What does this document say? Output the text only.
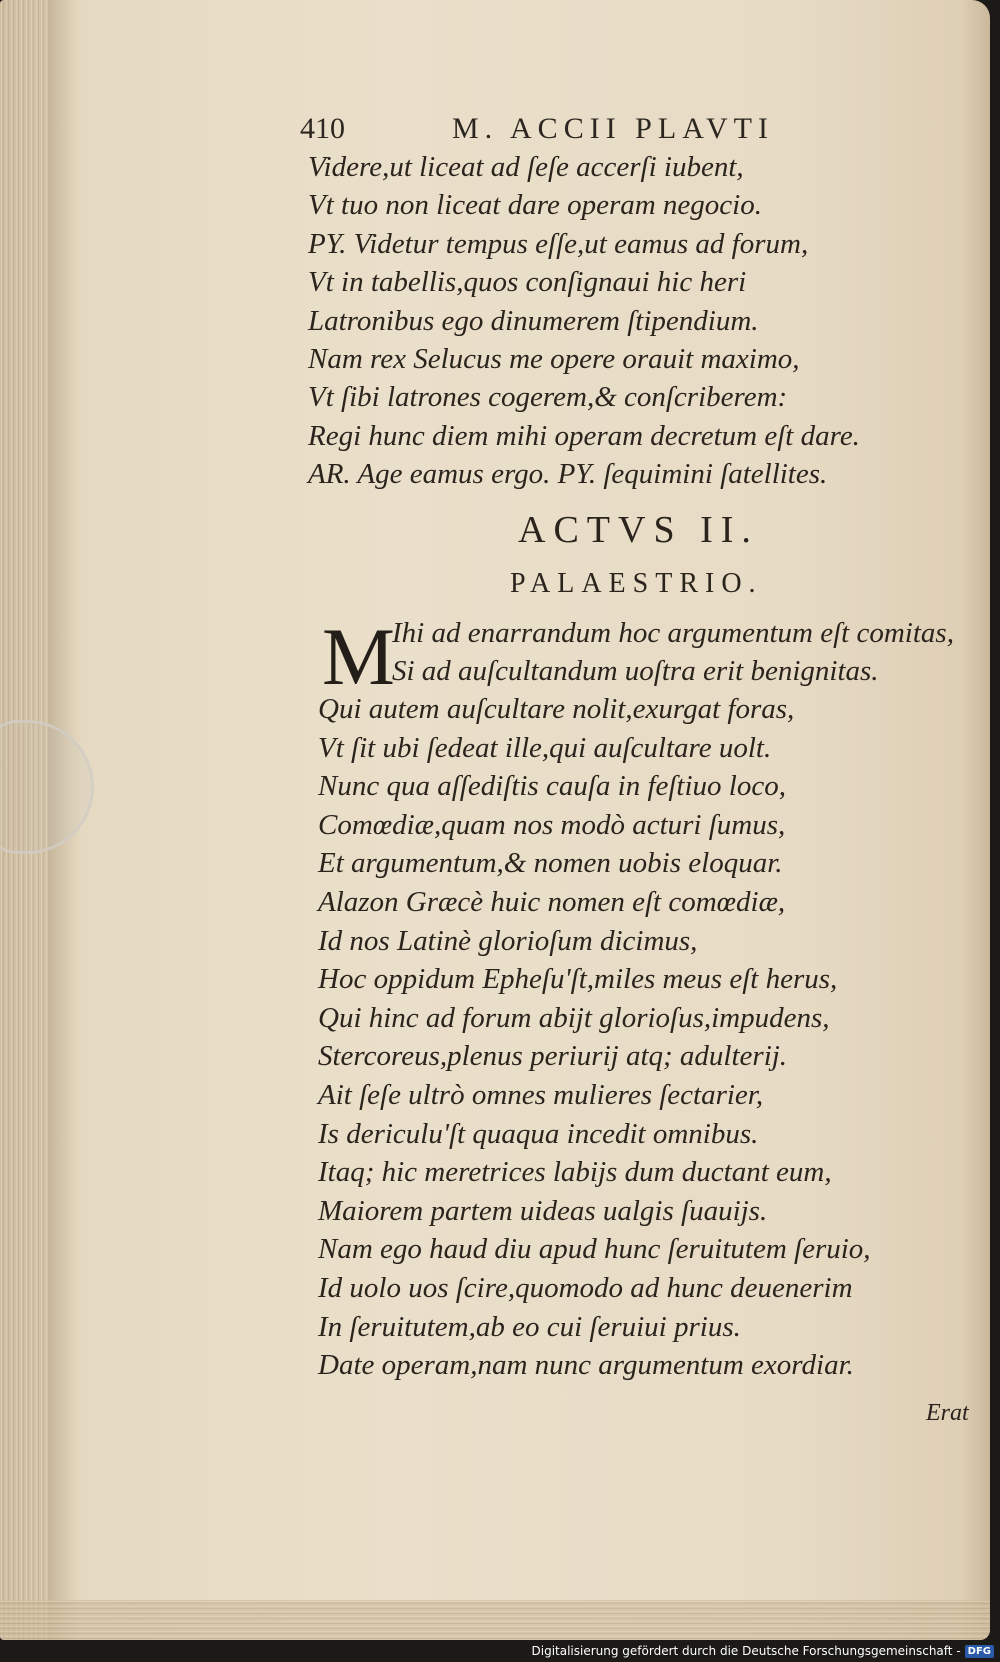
410	M. ACCII PLAVTI
Videre,ut liceat ad ſeſe accerſi iubent,
Vt tuo non liceat dare operam negocio.
PY. Videtur tempus eſſe,ut eamus ad forum,
Vt in tabellis,quos conſignaui hic heri
Latronibus ego dinumerem ſtipendium.
Nam rex Selucus me opere orauit maximo,
Vt ſibi latrones cogerem,& conſcriberem:
Regi hunc diem mihi operam decretum eſt dare.
AR. Age eamus ergo. PY. ſequimini ſatellites.
ACTVS II.
PALAESTRIO.
M
Ihi ad enarrandum hoc argumentum eſt comitas,
Si ad auſcultandum uoſtra erit benignitas.
Qui autem auſcultare nolit,exurgat foras,
Vt ſit ubi ſedeat ille,qui auſcultare uolt.
Nunc qua aſſediſtis cauſa in feſtiuo loco,
Comœdiæ,quam nos modò acturi ſumus,
Et argumentum,& nomen uobis eloquar.
Alazon Græcè huic nomen eſt comœdiæ,
Id nos Latinè glorioſum dicimus,
Hoc oppidum Epheſu'ſt,miles meus eſt herus,
Qui hinc ad forum abijt glorioſus,impudens,
Stercoreus,plenus periurij atq; adulterij.
Ait ſeſe ultrò omnes mulieres ſectarier,
Is dericulu'ſt quaqua incedit omnibus.
Itaq; hic meretrices labijs dum ductant eum,
Maiorem partem uideas ualgis ſuauijs.
Nam ego haud diu apud hunc ſeruitutem ſeruio,
Id uolo uos ſcire,quomodo ad hunc deuenerim
In ſeruitutem,ab eo cui ſeruiui prius.
Date operam,nam nunc argumentum exordiar.
Erat
Digitalisierung gefördert durch die Deutsche Forschungsgemeinschaft - DFG
